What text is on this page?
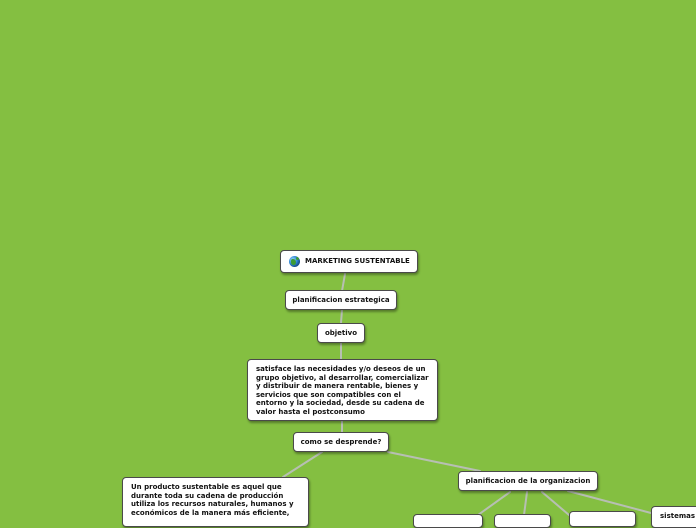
MARKETING SUSTENTABLE
planificacion estrategica
objetivo
satisface las necesidades y/o deseos de un grupo objetivo, al desarrollar, comercializar y distribuir de manera rentable, bienes y servicios que son compatibles con el entorno y la sociedad, desde su cadena de valor hasta el postconsumo
como se desprende?
Un producto sustentable es aquel que durante toda su cadena de producción utiliza los recursos naturales, humanos y económicos de la manera más eficiente,
planificacion de la organizacion
sistemas
